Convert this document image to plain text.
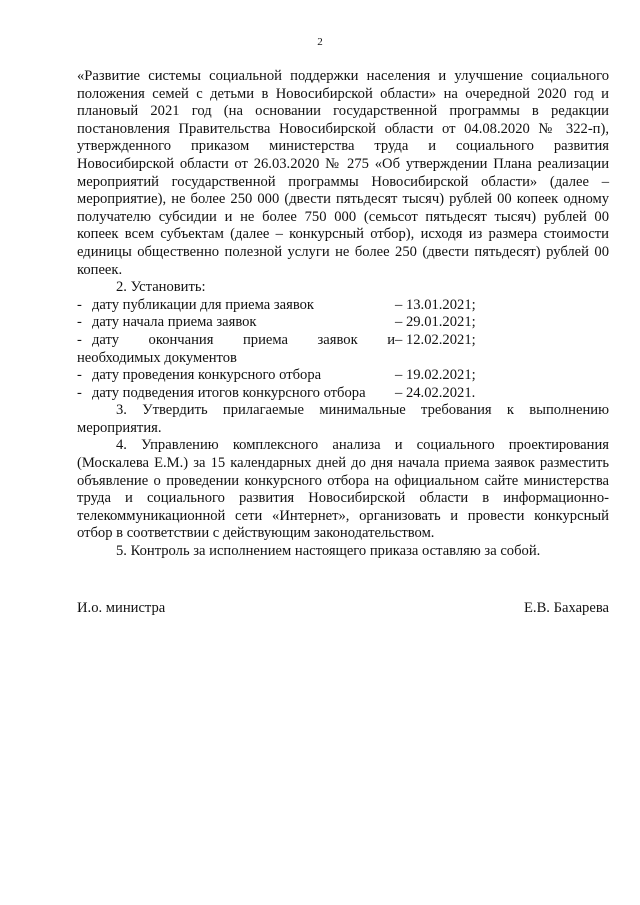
2

«Развитие системы социальной поддержки населения и улучшение социального положения семей с детьми в Новосибирской области» на очередной 2020 год и плановый 2021 год (на основании государственной программы в редакции постановления Правительства Новосибирской области от 04.08.2020 № 322-п), утвержденного приказом министерства труда и социального развития Новосибирской области от 26.03.2020 № 275 «Об утверждении Плана реализации мероприятий государственной программы Новосибирской области» (далее – мероприятие), не более 250 000 (двести пятьдесят тысяч) рублей 00 копеек одному получателю субсидии и не более 750 000 (семьсот пятьдесят тысяч) рублей 00 копеек всем субъектам (далее – конкурсный отбор), исходя из размера стоимости единицы общественно полезной услуги не более 250 (двести пятьдесят) рублей 00 копеек.

2. Установить:

- дату публикации для приема заявок	– 13.01.2021;
- дату начала приема заявок	– 29.01.2021;
- дату окончания приема заявок и – 12.02.2021;
необходимых документов
- дату проведения конкурсного отбора	– 19.02.2021;
- дату подведения итогов конкурсного отбора	– 24.02.2021.

3. Утвердить прилагаемые минимальные требования к выполнению мероприятия.

4. Управлению комплексного анализа и социального проектирования (Москалева Е.М.) за 15 календарных дней до дня начала приема заявок разместить объявление о проведении конкурсного отбора на официальном сайте министерства труда и социального развития Новосибирской области в информационно-телекоммуникационной сети «Интернет», организовать и провести конкурсный отбор в соответствии с действующим законодательством.

5. Контроль за исполнением настоящего приказа оставляю за собой.

И.о. министра	Е.В. Бахарева
